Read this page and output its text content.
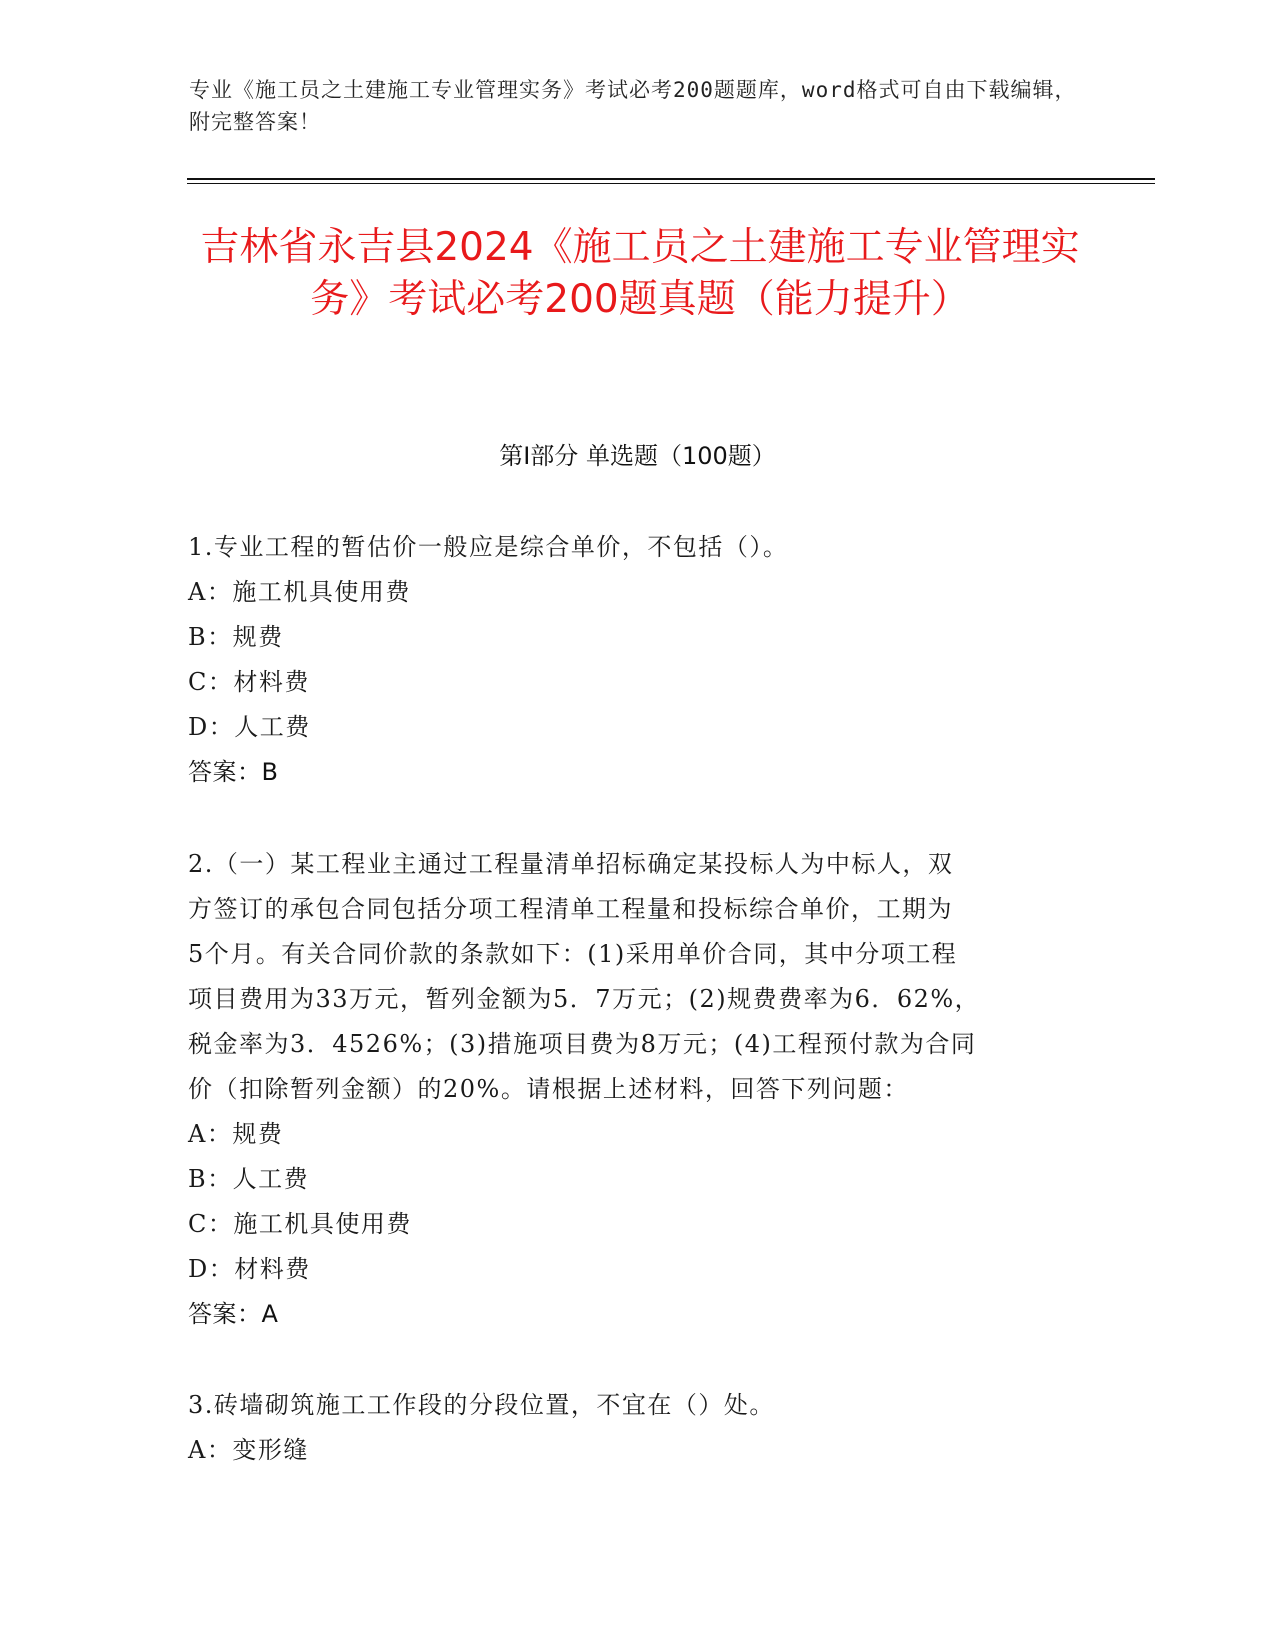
专业《施工员之土建施工专业管理实务》考试必考200题题库，word格式可自由下载编辑，附完整答案！
吉林省永吉县2024《施工员之土建施工专业管理实务》考试必考200题真题（能力提升）
第Ⅰ部分 单选题（100题）
1.专业工程的暂估价一般应是综合单价，不包括（）。
A：施工机具使用费
B：规费
C：材料费
D：人工费
答案：B
2.（一）某工程业主通过工程量清单招标确定某投标人为中标人，双
方签订的承包合同包括分项工程清单工程量和投标综合单价，工期为
5个月。有关合同价款的条款如下：(1)采用单价合同，其中分项工程
项目费用为33万元，暂列金额为5．7万元；(2)规费费率为6．62%，
税金率为3．4526%；(3)措施项目费为8万元；(4)工程预付款为合同
价（扣除暂列金额）的20%。请根据上述材料，回答下列问题：
A：规费
B：人工费
C：施工机具使用费
D：材料费
答案：A
3.砖墙砌筑施工工作段的分段位置，不宜在（）处。
A：变形缝
